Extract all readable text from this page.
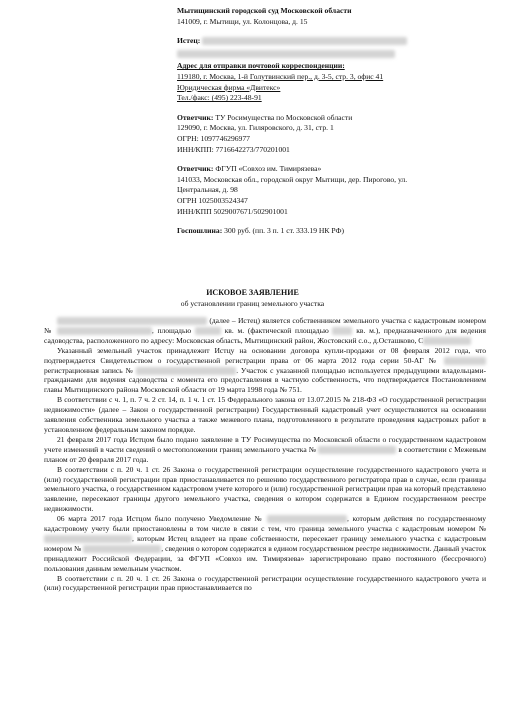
Мытищинский городской суд Московской области
141009, г. Мытищи, ул. Колонцова, д. 15
Истец:
Адрес для отправки почтовой корреспонденции:
119180, г. Москва, 1-й Голутвинский пер., д. 3-5, стр. 3, офис 41
Юридическая фирма «Двитекс»
Тел./факс: (495) 223-48-91
Ответчик: ТУ Росимущества по Московской области
129090, г. Москва, ул. Гиляровского, д. 31, стр. 1
ОГРН: 1097746296977
ИНН/КПП: 7716642273/770201001
Ответчик: ФГУП «Совхоз им. Тимирязева»
141033, Московская обл., городской округ Мытищи, дер. Пирогово, ул.
Центральная, д. 98
ОГРН 1025003524347
ИНН/КПП 5029007671/502901001
Госпошлина: 300 руб. (пп. 3 п. 1 ст. 333.19 НК РФ)
ИСКОВОЕ ЗАЯВЛЕНИЕ
об установлении границ земельного участка

(далее – Истец) является собственником земельного участка с кадастровым номером №	, площадью	кв. м. (фактической площадью	кв. м.), предназначенного для ведения садоводства, расположенного по адресу: Московская область, Мытищинский район, Жостовский с.о., д.Осташково, С

Указанный земельный участок принадлежит Истцу на основании договора купли-продажи от 08 февраля 2012 года, что подтверждается Свидетельством о государственной регистрации права от 06 марта 2012 года серии 50-АГ №  регистрационная запись №	. Участок с указанной площадью используется предыдущими владельцами-гражданами для ведения садоводства с момента его предоставления в частную собственность, что подтверждается Постановлением главы Мытищинского района Московской области от 19 марта 1998 года № 751.

В соответствии с ч. 1, п. 7 ч. 2 ст. 14, п. 1 ч. 1 ст. 15 Федерального закона от 13.07.2015 № 218-ФЗ «О государственной регистрации недвижимости» (далее – Закон о государственной регистрации) Государственный кадастровый учет осуществляются на основании заявления собственника земельного участка а также межевого плана, подготовленного в результате проведения кадастровых работ в установленном федеральным законом порядке.

21 февраля 2017 года Истцом было подано заявление в ТУ Росимущества по Московской области о государственном кадастровом учете изменений в части сведений о местоположении границ земельного участка №	в соответствии с Межевым планом от 20 февраля 2017 года.

В соответствии с п. 20 ч. 1 ст. 26 Закона о государственной регистрации осуществление государственного кадастрового учета и (или) государственной регистрации прав приостанавливается по решению государственного регистратора прав в случае, если границы земельного участка, о государственном кадастровом учете которого и (или) государственной регистрации прав на который представлено заявление, пересекают границы другого земельного участка, сведения о котором содержатся в Едином государственном реестре недвижимости.

06 марта 2017 года Истцом было получено Уведомление №	, которым действия по государственному кадастровому учету были приостановлены в том числе в связи с тем, что граница земельного участка с кадастровым номером № , которым Истец владеет на праве собственности, пересекает границу земельного участка с кадастровым номером №	, сведения о котором содержатся в едином государственном реестре недвижимости. Данный участок принадлежит Российской Федерации, за ФГУП «Совхоз им. Тимирязева» зарегистрировано право постоянного (бессрочного) пользования данным земельным участком.

В соответствии с п. 20 ч. 1 ст. 26 Закона о государственной регистрации осуществление государственного кадастрового учета и (или) государственной регистрации прав приостанавливается по
